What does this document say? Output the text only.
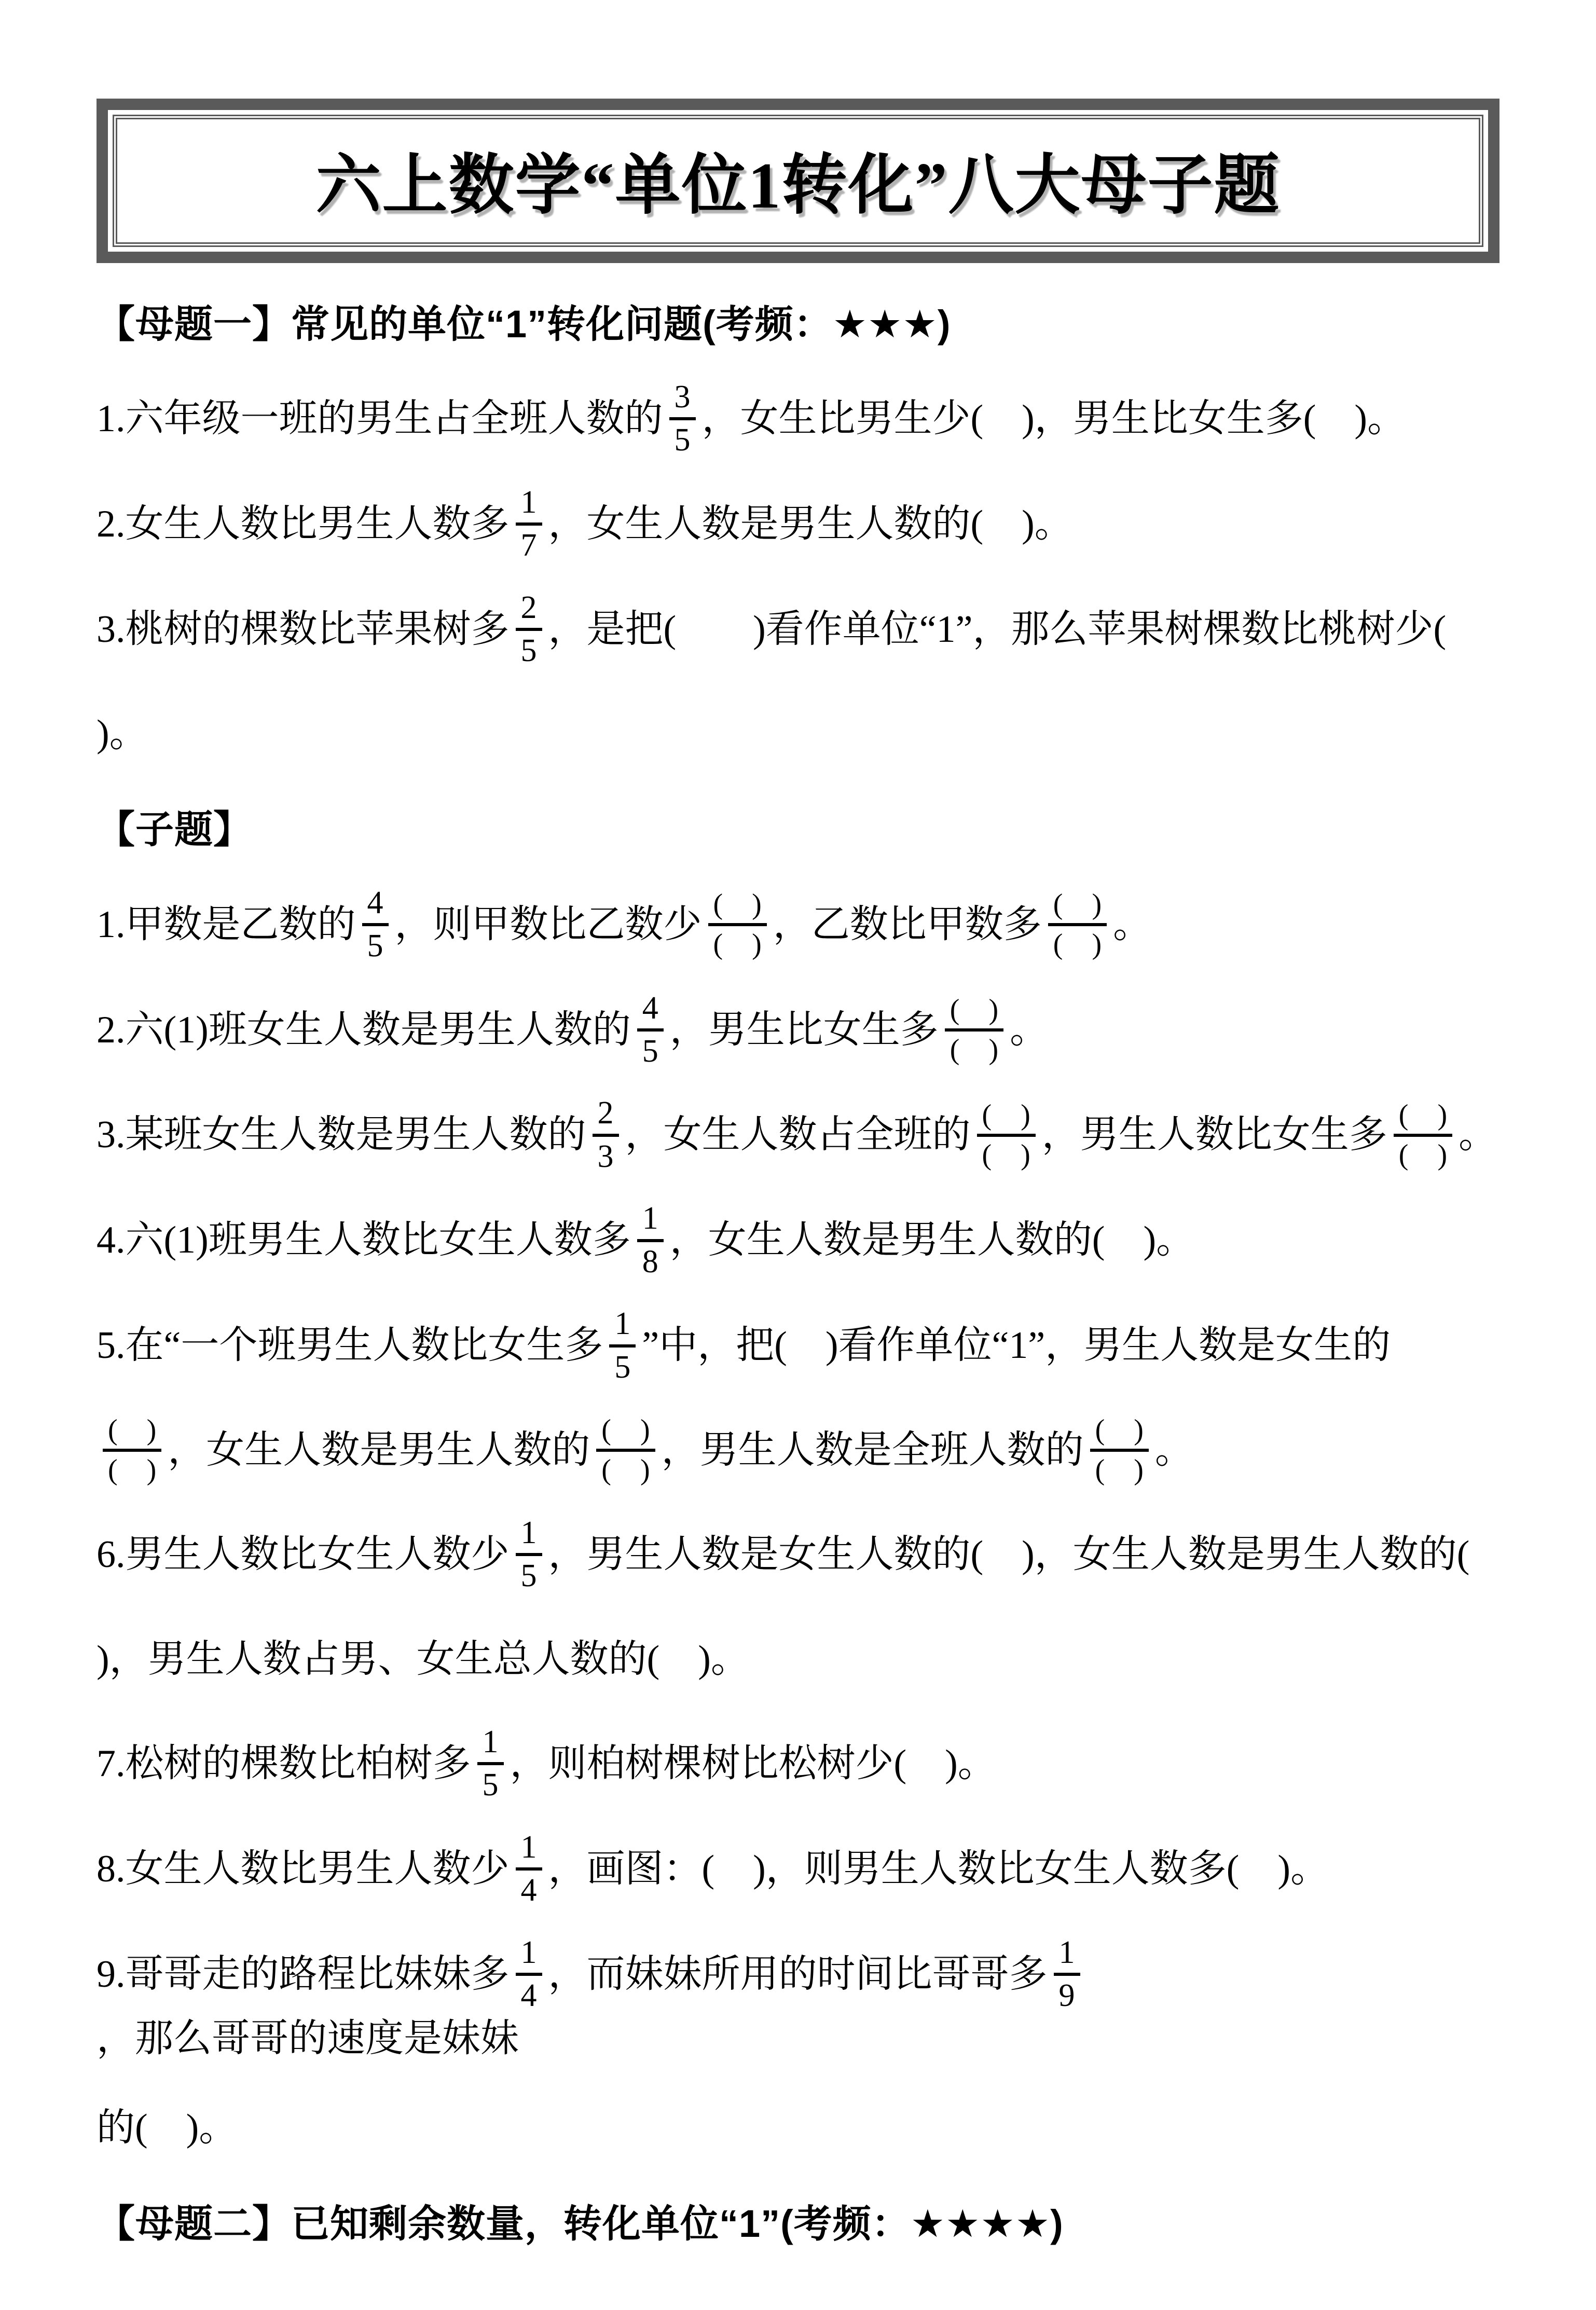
六上数学“单位1转化”八大母子题
【母题一】常见的单位“1”转化问题(考频：★★★)
1.六年级一班的男生占全班人数的 $\frac{3}{5}$ ，女生比男生少(　)，男生比女生多(　)。
2.女生人数比男生人数多 $\frac{1}{7}$ ，女生人数是男生人数的(　)。
3.桃树的棵数比苹果树多 $\frac{2}{5}$ ，是把(　　)看作单位“1”，那么苹果树棵数比桃树少(
)。
【子题】
1.甲数是乙数的 $\frac{4}{5}$ ，则甲数比乙数少 $\frac{( )}{( )}$ ，乙数比甲数多 $\frac{( )}{( )}$ 。
2.六(1)班女生人数是男生人数的 $\frac{4}{5}$ ，男生比女生多 $\frac{( )}{( )}$ 。
3.某班女生人数是男生人数的 $\frac{2}{3}$ ，女生人数占全班的 $\frac{( )}{( )}$ ，男生人数比女生多 $\frac{( )}{( )}$ 。
4.六(1)班男生人数比女生人数多 $\frac{1}{8}$ ，女生人数是男生人数的(　)。
5.在“一个班男生人数比女生多 $\frac{1}{5}$ ”中，把(　)看作单位“1”，男生人数是女生的
$\frac{( )}{( )}$ ，女生人数是男生人数的 $\frac{( )}{( )}$ ，男生人数是全班人数的 $\frac{( )}{( )}$ 。
6.男生人数比女生人数少 $\frac{1}{5}$ ，男生人数是女生人数的(　)，女生人数是男生人数的(
)，男生人数占男、女生总人数的(　)。
7.松树的棵数比柏树多 $\frac{1}{5}$ ，则柏树棵树比松树少(　)。
8.女生人数比男生人数少 $\frac{1}{4}$ ，画图：(　)，则男生人数比女生人数多(　)。
9.哥哥走的路程比妹妹多 $\frac{1}{4}$ ，而妹妹所用的时间比哥哥多 $\frac{1}{9}$
，那么哥哥的速度是妹妹
的(　)。
【母题二】已知剩余数量，转化单位“1”(考频：★★★★)
